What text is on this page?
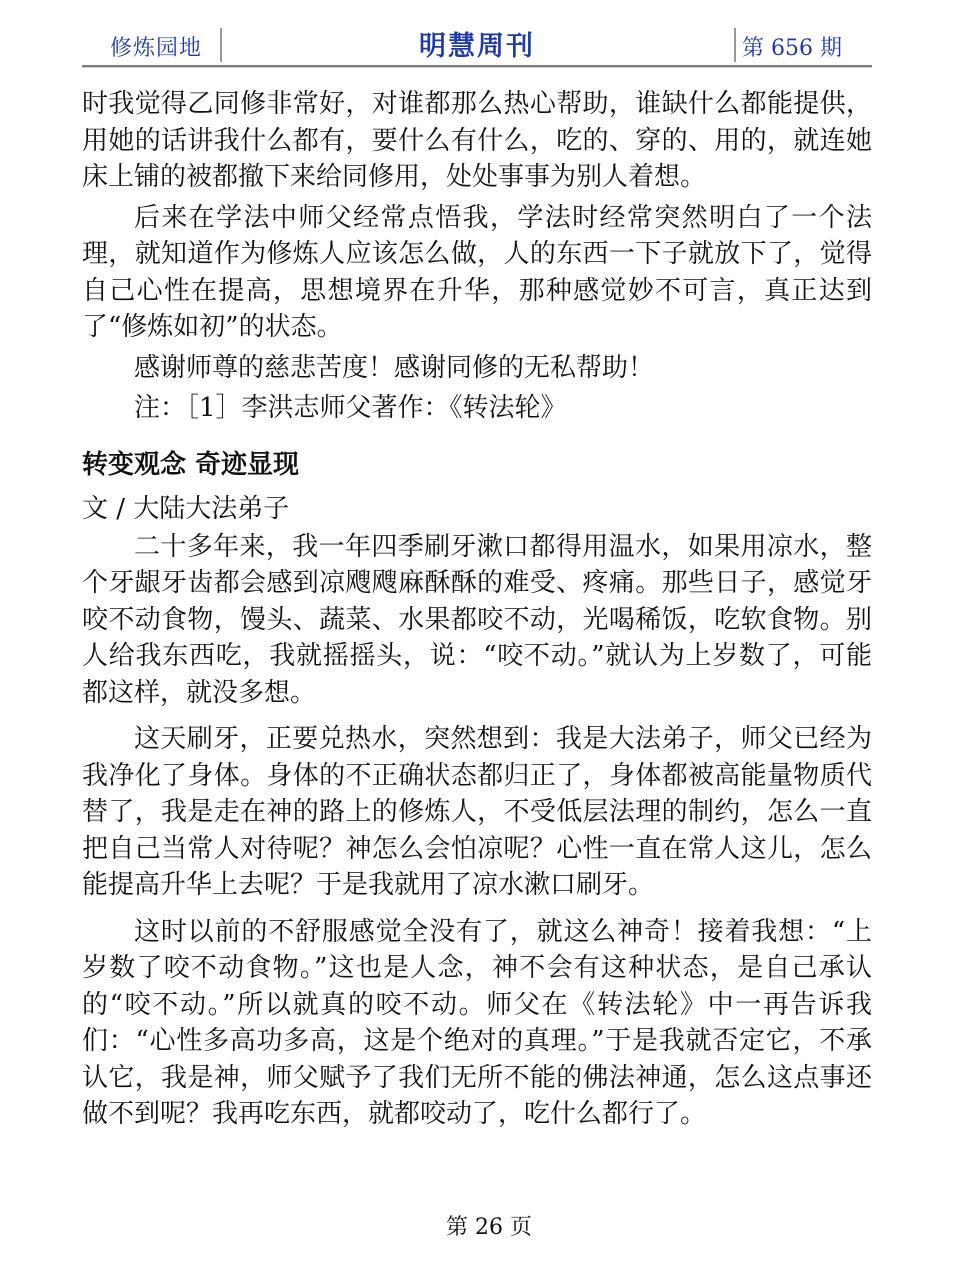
修炼园地	明慧周刊	第 656 期

时我觉得乙同修非常好，对谁都那么热心帮助，谁缺什么都能提供，用她的话讲我什么都有，要什么有什么，吃的、穿的、用的，就连她床上铺的被都撤下来给同修用，处处事事为别人着想。

后来在学法中师父经常点悟我，学法时经常突然明白了一个法理，就知道作为修炼人应该怎么做，人的东西一下子就放下了，觉得自己心性在提高，思想境界在升华，那种感觉妙不可言，真正达到了“修炼如初”的状态。

感谢师尊的慈悲苦度！感谢同修的无私帮助！

注：［1］李洪志师父著作：《转法轮》

转变观念 奇迹显现

文 / 大陆大法弟子

二十多年来，我一年四季刷牙漱口都得用温水，如果用凉水，整个牙龈牙齿都会感到凉飕飕麻酥酥的难受、疼痛。那些日子，感觉牙咬不动食物，馒头、蔬菜、水果都咬不动，光喝稀饭，吃软食物。别人给我东西吃，我就摇摇头，说：“咬不动。”就认为上岁数了，可能都这样，就没多想。

这天刷牙，正要兑热水，突然想到：我是大法弟子，师父已经为我净化了身体。身体的不正确状态都归正了，身体都被高能量物质代替了，我是走在神的路上的修炼人，不受低层法理的制约，怎么一直把自己当常人对待呢？神怎么会怕凉呢？心性一直在常人这儿，怎么能提高升华上去呢？于是我就用了凉水漱口刷牙。

这时以前的不舒服感觉全没有了，就这么神奇！接着我想：“上岁数了咬不动食物。”这也是人念，神不会有这种状态，是自己承认的“咬不动。”所以就真的咬不动。师父在《转法轮》中一再告诉我们：“心性多高功多高，这是个绝对的真理。”于是我就否定它，不承认它，我是神，师父赋予了我们无所不能的佛法神通，怎么这点事还做不到呢？我再吃东西，就都咬动了，吃什么都行了。

第 26 页
